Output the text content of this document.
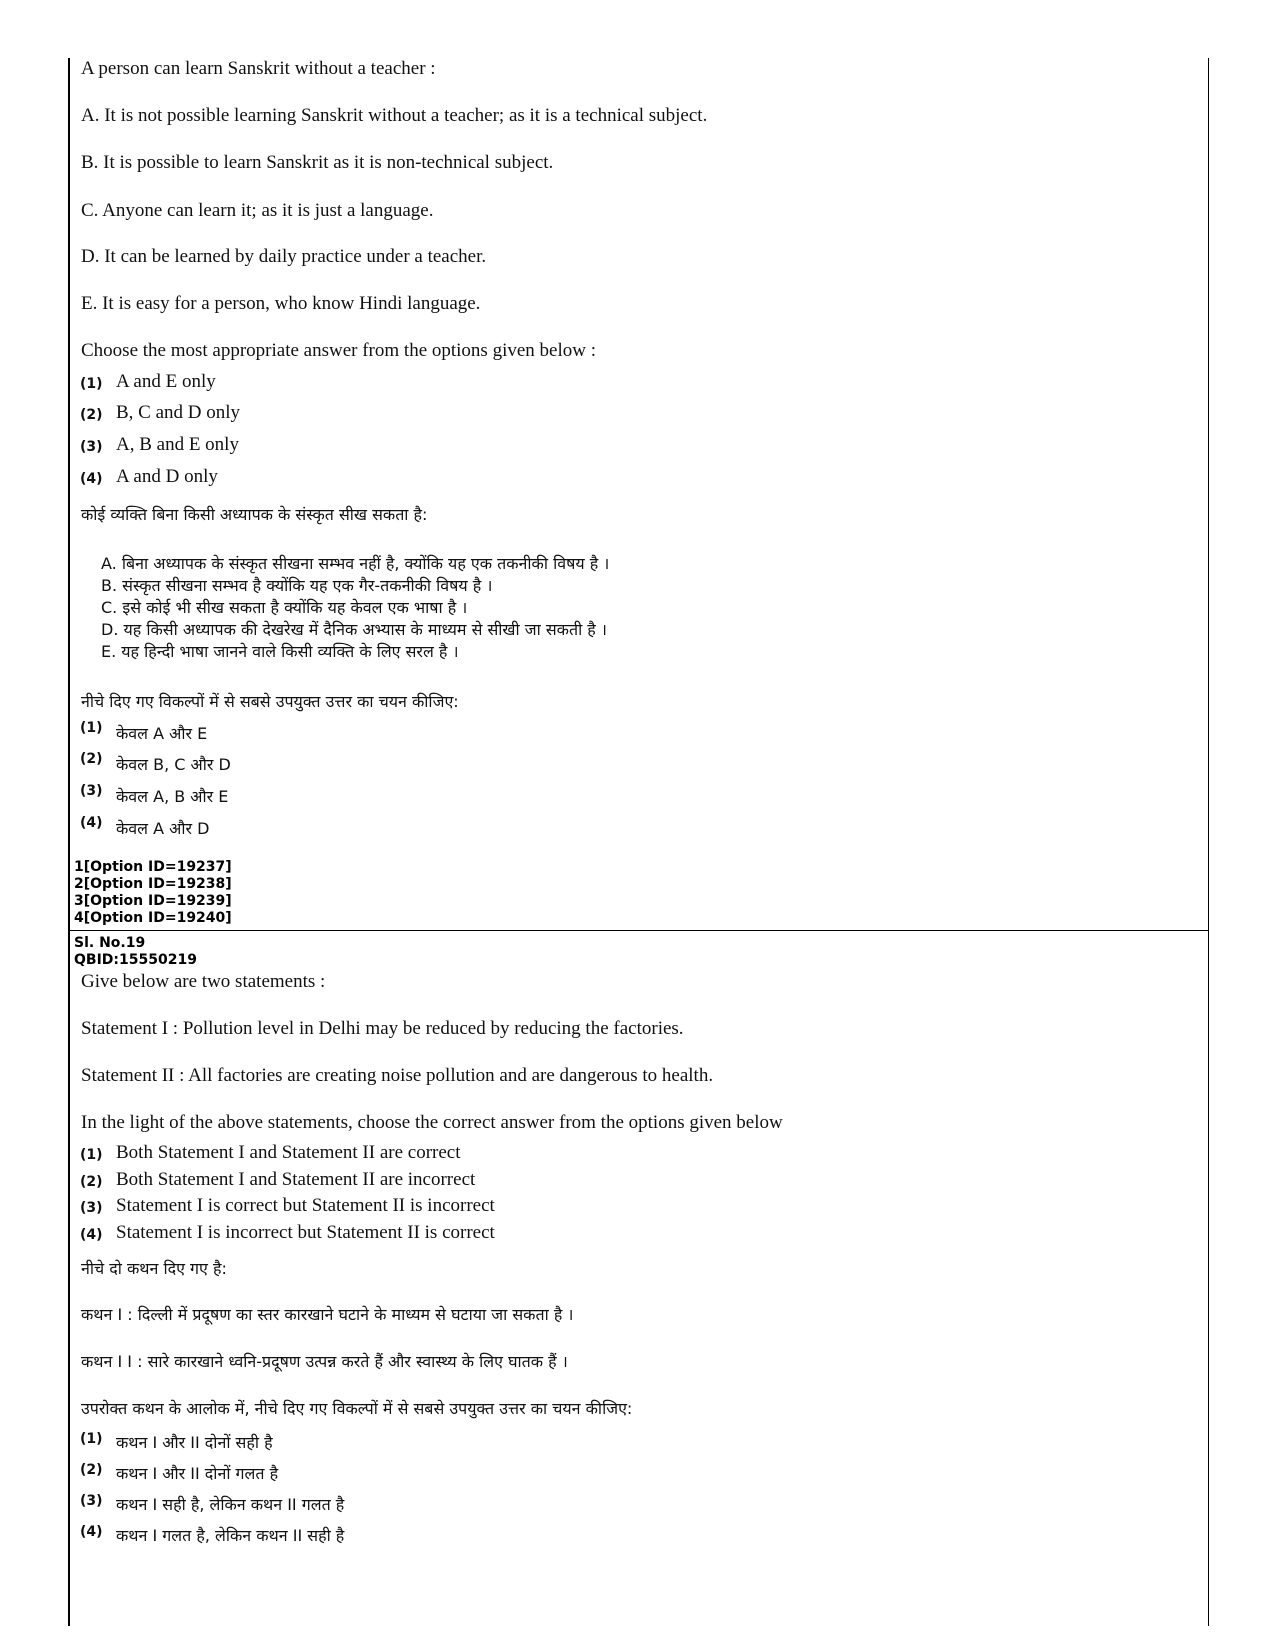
A person can learn Sanskrit without a teacher :
A. It is not possible learning Sanskrit without a teacher; as it is a technical subject.
B. It is possible to learn Sanskrit as it is non-technical subject.
C. Anyone can learn it; as it is just a language.
D. It can be learned by daily practice under a teacher.
E. It is easy for a person, who know Hindi language.
Choose the most appropriate answer from the options given below :
(1) A and E only
(2) B, C and D only
(3) A, B and E only
(4) A and D only
कोई व्यक्ति बिना किसी अध्यापक के संस्कृत सीख सकता है:
A. बिना अध्यापक के संस्कृत सीखना सम्भव नहीं है, क्योंकि यह एक तकनीकी विषय है ।
B. संस्कृत सीखना सम्भव है क्योंकि यह एक गैर-तकनीकी विषय है ।
C. इसे कोई भी सीख सकता है क्योंकि यह केवल एक भाषा है ।
D. यह किसी अध्यापक की देखरेख में दैनिक अभ्यास के माध्यम से सीखी जा सकती है ।
E. यह हिन्दी भाषा जानने वाले किसी व्यक्ति के लिए सरल है ।
नीचे दिए गए विकल्पों में से सबसे उपयुक्त उत्तर का चयन कीजिए:
(1) केवल A और E
(2) केवल B, C और D
(3) केवल A, B और E
(4) केवल A और D
1[Option ID=19237]
2[Option ID=19238]
3[Option ID=19239]
4[Option ID=19240]
Sl. No.19
QBID:15550219
Give below are two statements :
Statement I : Pollution level in Delhi may be reduced by reducing the factories.
Statement II : All factories are creating noise pollution and are dangerous to health.
In the light of the above statements, choose the correct answer from the options given below
(1) Both Statement I and Statement II are correct
(2) Both Statement I and Statement II are incorrect
(3) Statement I is correct but Statement II is incorrect
(4) Statement I is incorrect but Statement II is correct
नीचे दो कथन दिए गए है:
कथन I : दिल्ली में प्रदूषण का स्तर कारखाने घटाने के माध्यम से घटाया जा सकता है ।
कथन I I : सारे कारखाने ध्वनि-प्रदूषण उत्पन्न करते हैं और स्वास्थ्य के लिए घातक हैं ।
उपरोक्त कथन के आलोक में, नीचे दिए गए विकल्पों में से सबसे उपयुक्त उत्तर का चयन कीजिए:
(1) कथन I और II दोनों सही है
(2) कथन I और II दोनों गलत है
(3) कथन I सही है, लेकिन कथन II गलत है
(4) कथन I गलत है, लेकिन कथन II सही है
